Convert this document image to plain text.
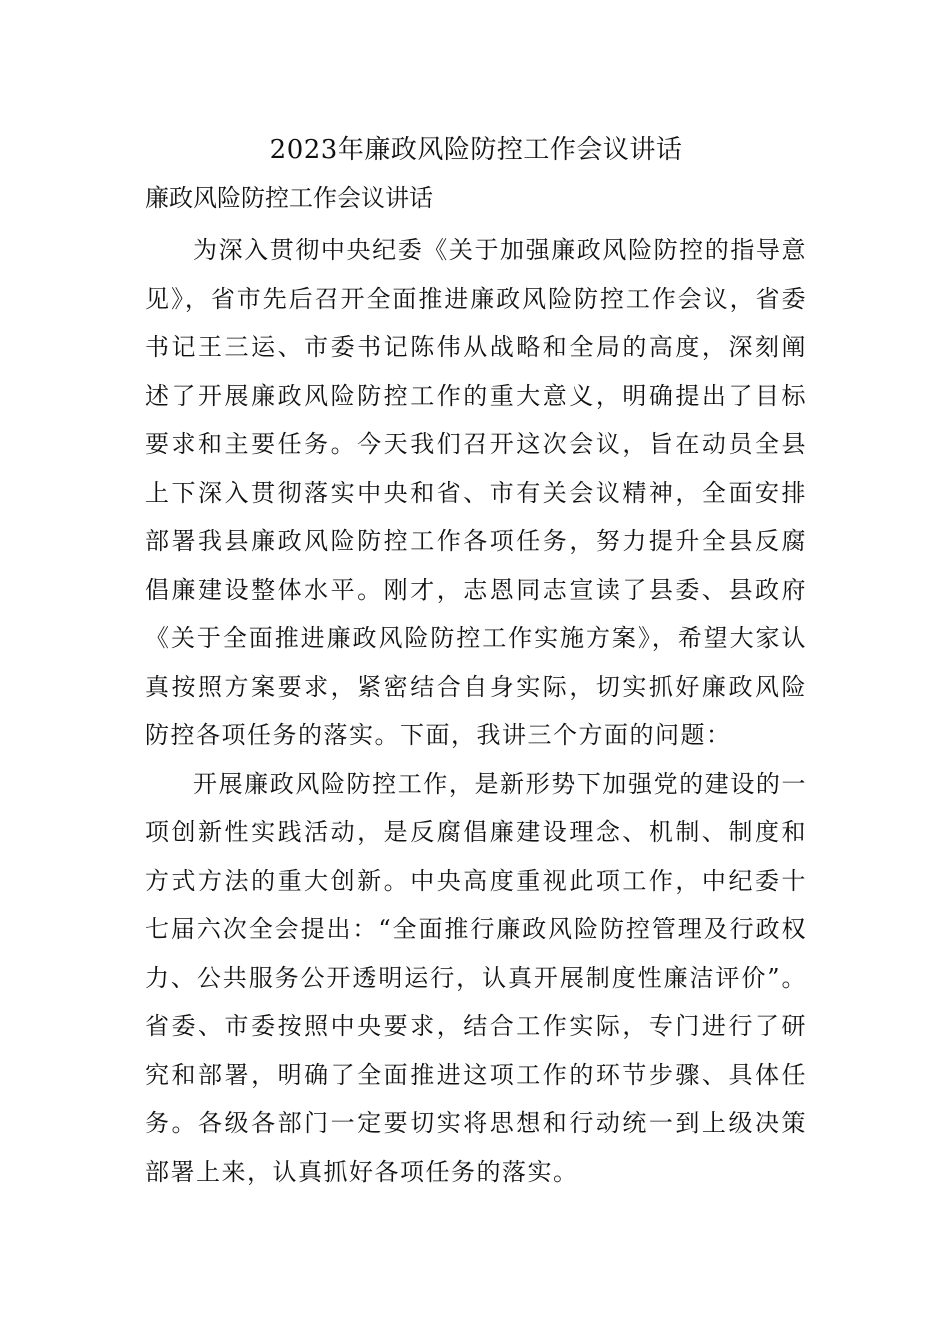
2023年廉政风险防控工作会议讲话
廉政风险防控工作会议讲话

为深入贯彻中央纪委《关于加强廉政风险防控的指导意见》，省市先后召开全面推进廉政风险防控工作会议，省委书记王三运、市委书记陈伟从战略和全局的高度，深刻阐述了开展廉政风险防控工作的重大意义，明确提出了目标要求和主要任务。今天我们召开这次会议，旨在动员全县上下深入贯彻落实中央和省、市有关会议精神，全面安排部署我县廉政风险防控工作各项任务，努力提升全县反腐倡廉建设整体水平。刚才，志恩同志宣读了县委、县政府《关于全面推进廉政风险防控工作实施方案》，希望大家认真按照方案要求，紧密结合自身实际，切实抓好廉政风险防控各项任务的落实。下面，我讲三个方面的问题：

开展廉政风险防控工作，是新形势下加强党的建设的一项创新性实践活动，是反腐倡廉建设理念、机制、制度和方式方法的重大创新。中央高度重视此项工作，中纪委十七届六次全会提出：“全面推行廉政风险防控管理及行政权力、公共服务公开透明运行，认真开展制度性廉洁评价”。省委、市委按照中央要求，结合工作实际，专门进行了研究和部署，明确了全面推进这项工作的环节步骤、具体任务。各级各部门一定要切实将思想和行动统一到上级决策部署上来，认真抓好各项任务的落实。
